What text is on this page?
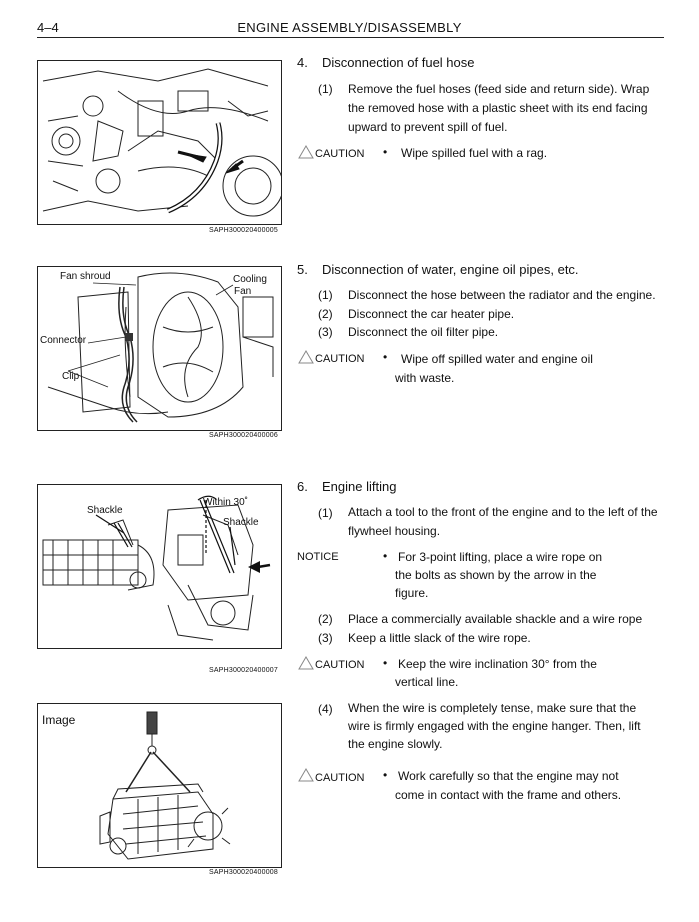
4–4	ENGINE ASSEMBLY/DISASSEMBLY
SAPH300020400005
4. Disconnection of fuel hose
(1) Remove the fuel hoses (feed side and return side). Wrap
the removed hose with a plastic sheet with its end facing
upward to prevent spill of fuel.
CAUTION • Wipe spilled fuel with a rag.
Fan shroud	Cooling
Fan
Connector
Clip
SAPH300020400006
5. Disconnection of water, engine oil pipes, etc.
(1) Disconnect the hose between the radiator and the engine.
(2) Disconnect the car heater pipe.
(3) Disconnect the oil filter pipe.
CAUTION • Wipe off spilled water and engine oil
with waste.
Shackle
Within 30˚
Shackle
SAPH300020400007
6. Engine lifting
(1) Attach a tool to the front of the engine and to the left of the
flywheel housing.
NOTICE	• For 3-point lifting, place a wire rope on
the bolts as shown by the arrow in the
figure.
(2) Place a commercially available shackle and a wire rope
(3) Keep a little slack of the wire rope.
CAUTION • Keep the wire inclination 30° from the
vertical line.
(4) When the wire is completely tense, make sure that the
wire is firmly engaged with the engine hanger. Then, lift
the engine slowly.
CAUTION • Work carefully so that the engine may not
come in contact with the frame and others.
Image
SAPH300020400008
